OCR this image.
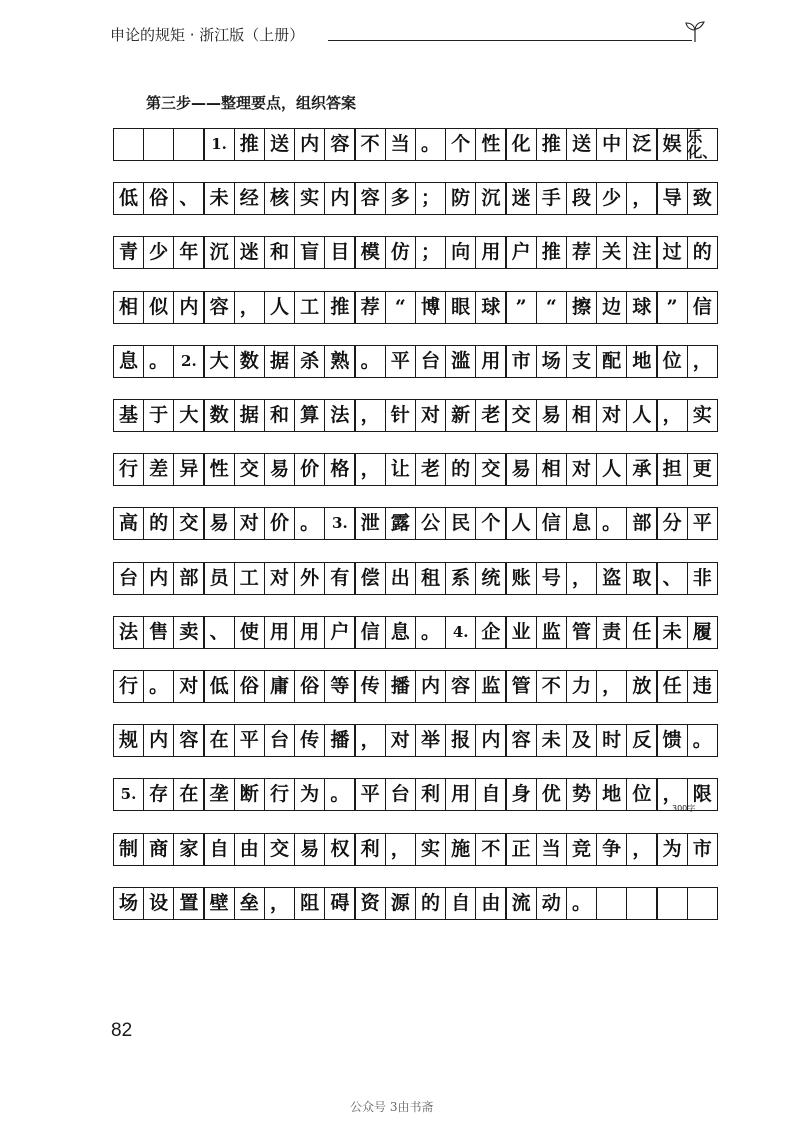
申论的规矩 · 浙江版（上册）
第三步——整理要点，组织答案
1. 推 送 内 容 不 当 。 个 性 化 推 送 中 泛 娱 乐化、
低 俗 、 未 经 核 实 内 容 多 ； 防 沉 迷 手 段 少 ， 导 致
青 少 年 沉 迷 和 盲 目 模 仿 ； 向 用 户 推 荐 关 注 过 的
相 似 内 容 ， 人 工 推 荐 “ 博 眼 球 ”	“ 擦 边 球 ” 信
息 。 2. 大 数 据 杀 熟 。 平 台 滥 用 市 场 支 配 地 位 ，
基 于 大 数 据 和 算 法 ， 针 对 新 老 交 易 相 对 人 ， 实
行 差 异 性 交 易 价 格 ， 让 老 的 交 易 相 对 人 承 担 更
高 的 交 易 对 价 。 3. 泄 露 公 民 个 人 信 息 。 部 分 平
台 内 部 员 工 对 外 有 偿 出 租 系 统 账 号 ， 盗 取 、 非
法 售 卖 、 使 用 用 户 信 息 。 4. 企 业 监 管 责 任 未 履
行 。 对 低 俗 庸 俗 等 传 播 内 容 监 管 不 力 ， 放 任 违
规 内 容 在 平 台 传 播 ， 对 举 报 内 容 未 及 时 反 馈 。
5. 存 在 垄 断 行 为 。 平 台 利 用 自 身 优 势 地 位 ， 限
制 商 家 自 由 交 易 权 利 ， 实 施 不 正 当 竞 争 ， 为 市
场 设 置 壁 垒 ， 阻 碍 资 源 的 自 由 流 动 。
300字
82
公众号 3由书斋
